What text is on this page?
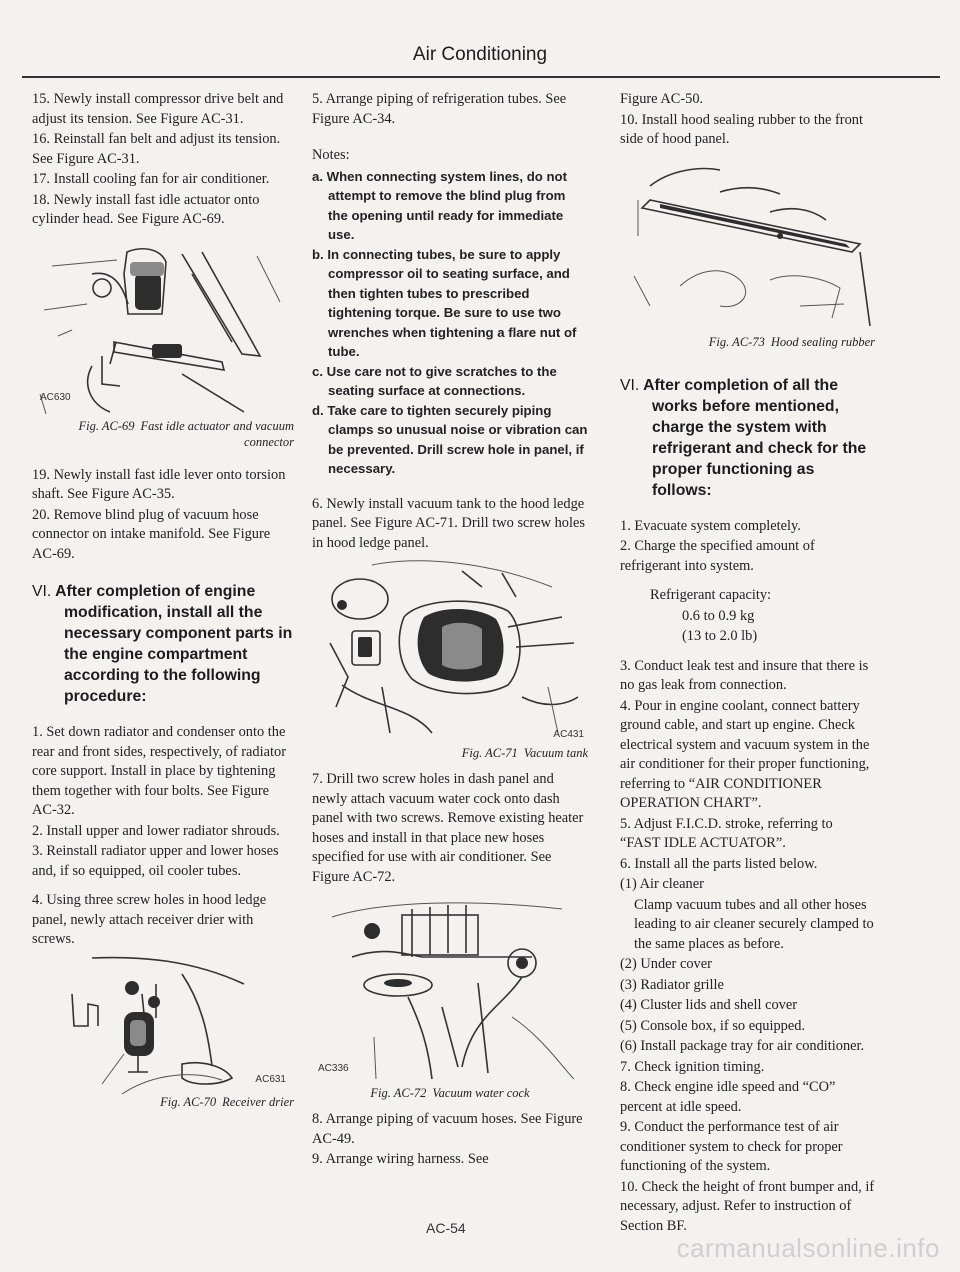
Air Conditioning

15. Newly install compressor drive belt and adjust its tension. See Figure AC-31.

16. Reinstall fan belt and adjust its tension. See Figure AC-31.

17. Install cooling fan for air conditioner.

18. Newly install fast idle actuator onto cylinder head. See Figure AC-69.

AC630

Fig. AC-69 Fast idle actuator and vacuum connector

19. Newly install fast idle lever onto torsion shaft. See Figure AC-35.

20. Remove blind plug of vacuum hose connector on intake manifold. See Figure AC-69.

VI. After completion of engine modification, install all the necessary component parts in the engine compartment according to the following procedure:

1. Set down radiator and condenser onto the rear and front sides, respectively, of radiator core support. Install in place by tightening them together with four bolts. See Figure AC-32.

2. Install upper and lower radiator shrouds.

3. Reinstall radiator upper and lower hoses and, if so equipped, oil cooler tubes.

4. Using three screw holes in hood ledge panel, newly attach receiver drier with screws.

AC631

Fig. AC-70 Receiver drier

5. Arrange piping of refrigeration tubes. See Figure AC-34.

Notes:

a. When connecting system lines, do not attempt to remove the blind plug from the opening until ready for immediate use.
b. In connecting tubes, be sure to apply compressor oil to seating surface, and then tighten tubes to prescribed tightening torque. Be sure to use two wrenches when tightening a flare nut of tube.
c. Use care not to give scratches to the seating surface at connections.
d. Take care to tighten securely piping clamps so unusual noise or vibration can be prevented. Drill screw hole in panel, if necessary.

6. Newly install vacuum tank to the hood ledge panel. See Figure AC-71. Drill two screw holes in hood ledge panel.

AC431

Fig. AC-71 Vacuum tank

7. Drill two screw holes in dash panel and newly attach vacuum water cock onto dash panel with two screws. Remove existing heater hoses and install in that place new hoses specified for use with air conditioner. See Figure AC-72.

AC336

Fig. AC-72 Vacuum water cock

8. Arrange piping of vacuum hoses. See Figure AC-49.

9. Arrange wiring harness. See

Figure AC-50.

10. Install hood sealing rubber to the front side of hood panel.

Fig. AC-73 Hood sealing rubber

VI. After completion of all the works before mentioned, charge the system with refrigerant and check for the proper functioning as follows:

1. Evacuate system completely.

2. Charge the specified amount of refrigerant into system.

Refrigerant capacity:

0.6 to 0.9 kg

(13 to 2.0 lb)

3. Conduct leak test and insure that there is no gas leak from connection.

4. Pour in engine coolant, connect battery ground cable, and start up engine. Check electrical system and vacuum system in the air conditioner for their proper functioning, referring to “AIR CONDITIONER OPERATION CHART”.

5. Adjust F.I.C.D. stroke, referring to “FAST IDLE ACTUATOR”.

6. Install all the parts listed below.

(1) Air cleaner

Clamp vacuum tubes and all other hoses leading to air cleaner securely clamped to the same places as before.

(2) Under cover

(3) Radiator grille

(4) Cluster lids and shell cover

(5) Console box, if so equipped.

(6) Install package tray for air conditioner.

7. Check ignition timing.

8. Check engine idle speed and “CO” percent at idle speed.

9. Conduct the performance test of air conditioner system to check for proper functioning of the system.

10. Check the height of front bumper and, if necessary, adjust. Refer to instruction of Section BF.

AC-54
carmanualsonline.info
